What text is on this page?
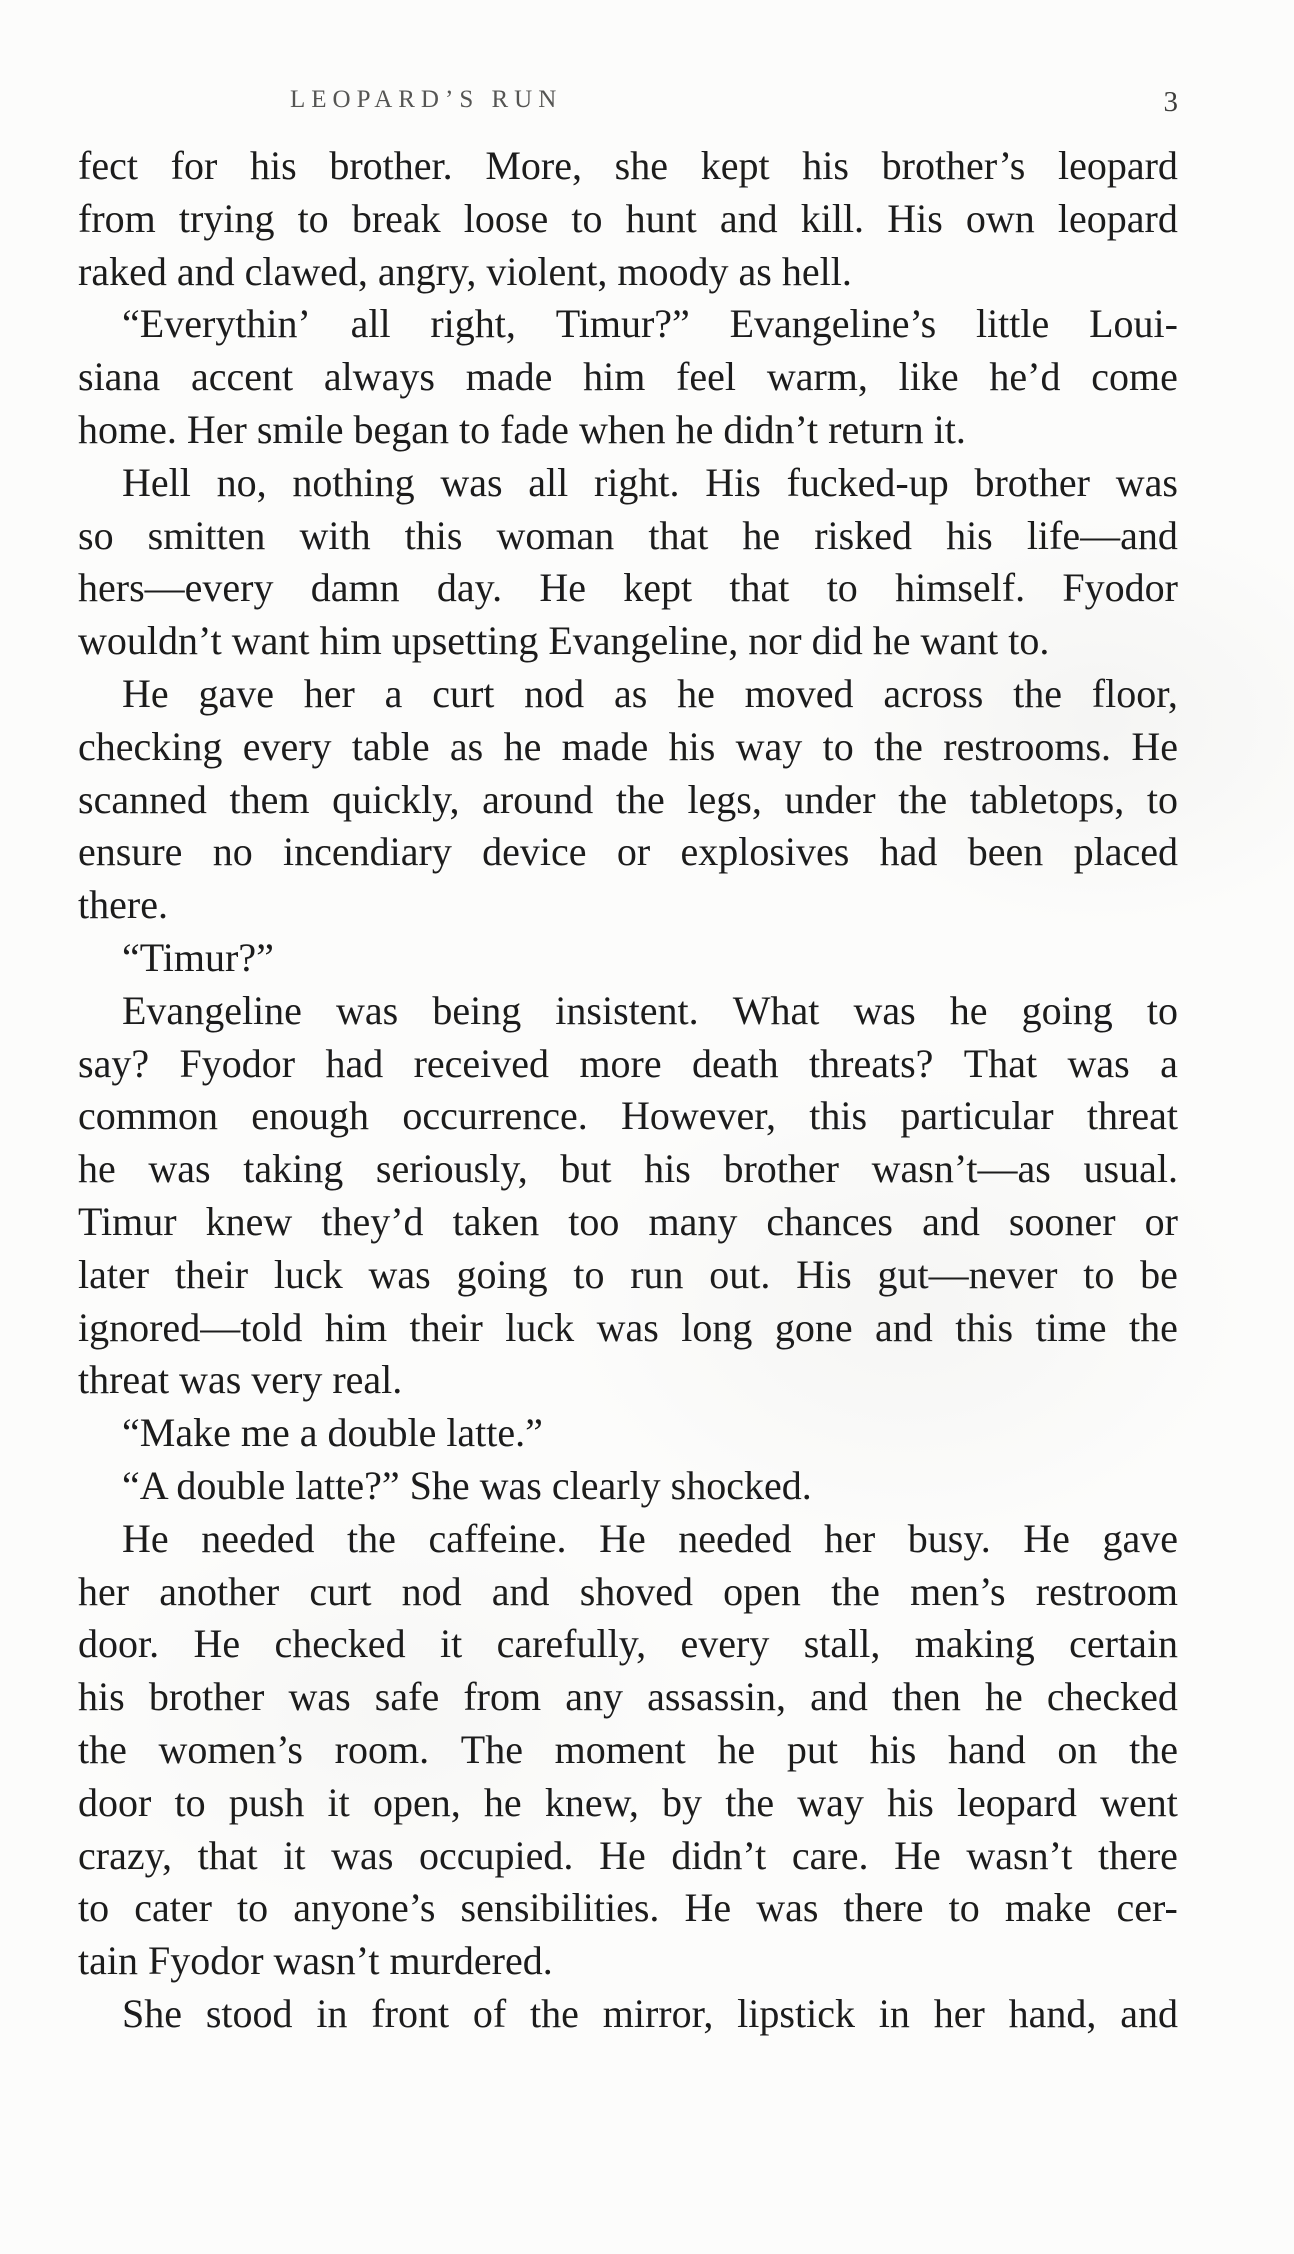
LEOPARD’S RUN	3
fect for his brother. More, she kept his brother’s leopard
from trying to break loose to hunt and kill. His own leopard
raked and clawed, angry, violent, moody as hell.
“Everythin’ all right, Timur?” Evangeline’s little Loui-
siana accent always made him feel warm, like he’d come
home. Her smile began to fade when he didn’t return it.
Hell no, nothing was all right. His fucked-up brother was
so smitten with this woman that he risked his life—and
hers—every damn day. He kept that to himself. Fyodor
wouldn’t want him upsetting Evangeline, nor did he want to.
He gave her a curt nod as he moved across the floor,
checking every table as he made his way to the restrooms. He
scanned them quickly, around the legs, under the tabletops, to
ensure no incendiary device or explosives had been placed
there.
“Timur?”
Evangeline was being insistent. What was he going to
say? Fyodor had received more death threats? That was a
common enough occurrence. However, this particular threat
he was taking seriously, but his brother wasn’t—as usual.
Timur knew they’d taken too many chances and sooner or
later their luck was going to run out. His gut—never to be
ignored—told him their luck was long gone and this time the
threat was very real.
“Make me a double latte.”
“A double latte?” She was clearly shocked.
He needed the caffeine. He needed her busy. He gave
her another curt nod and shoved open the men’s restroom
door. He checked it carefully, every stall, making certain
his brother was safe from any assassin, and then he checked
the women’s room. The moment he put his hand on the
door to push it open, he knew, by the way his leopard went
crazy, that it was occupied. He didn’t care. He wasn’t there
to cater to anyone’s sensibilities. He was there to make cer-
tain Fyodor wasn’t murdered.
She stood in front of the mirror, lipstick in her hand, and
